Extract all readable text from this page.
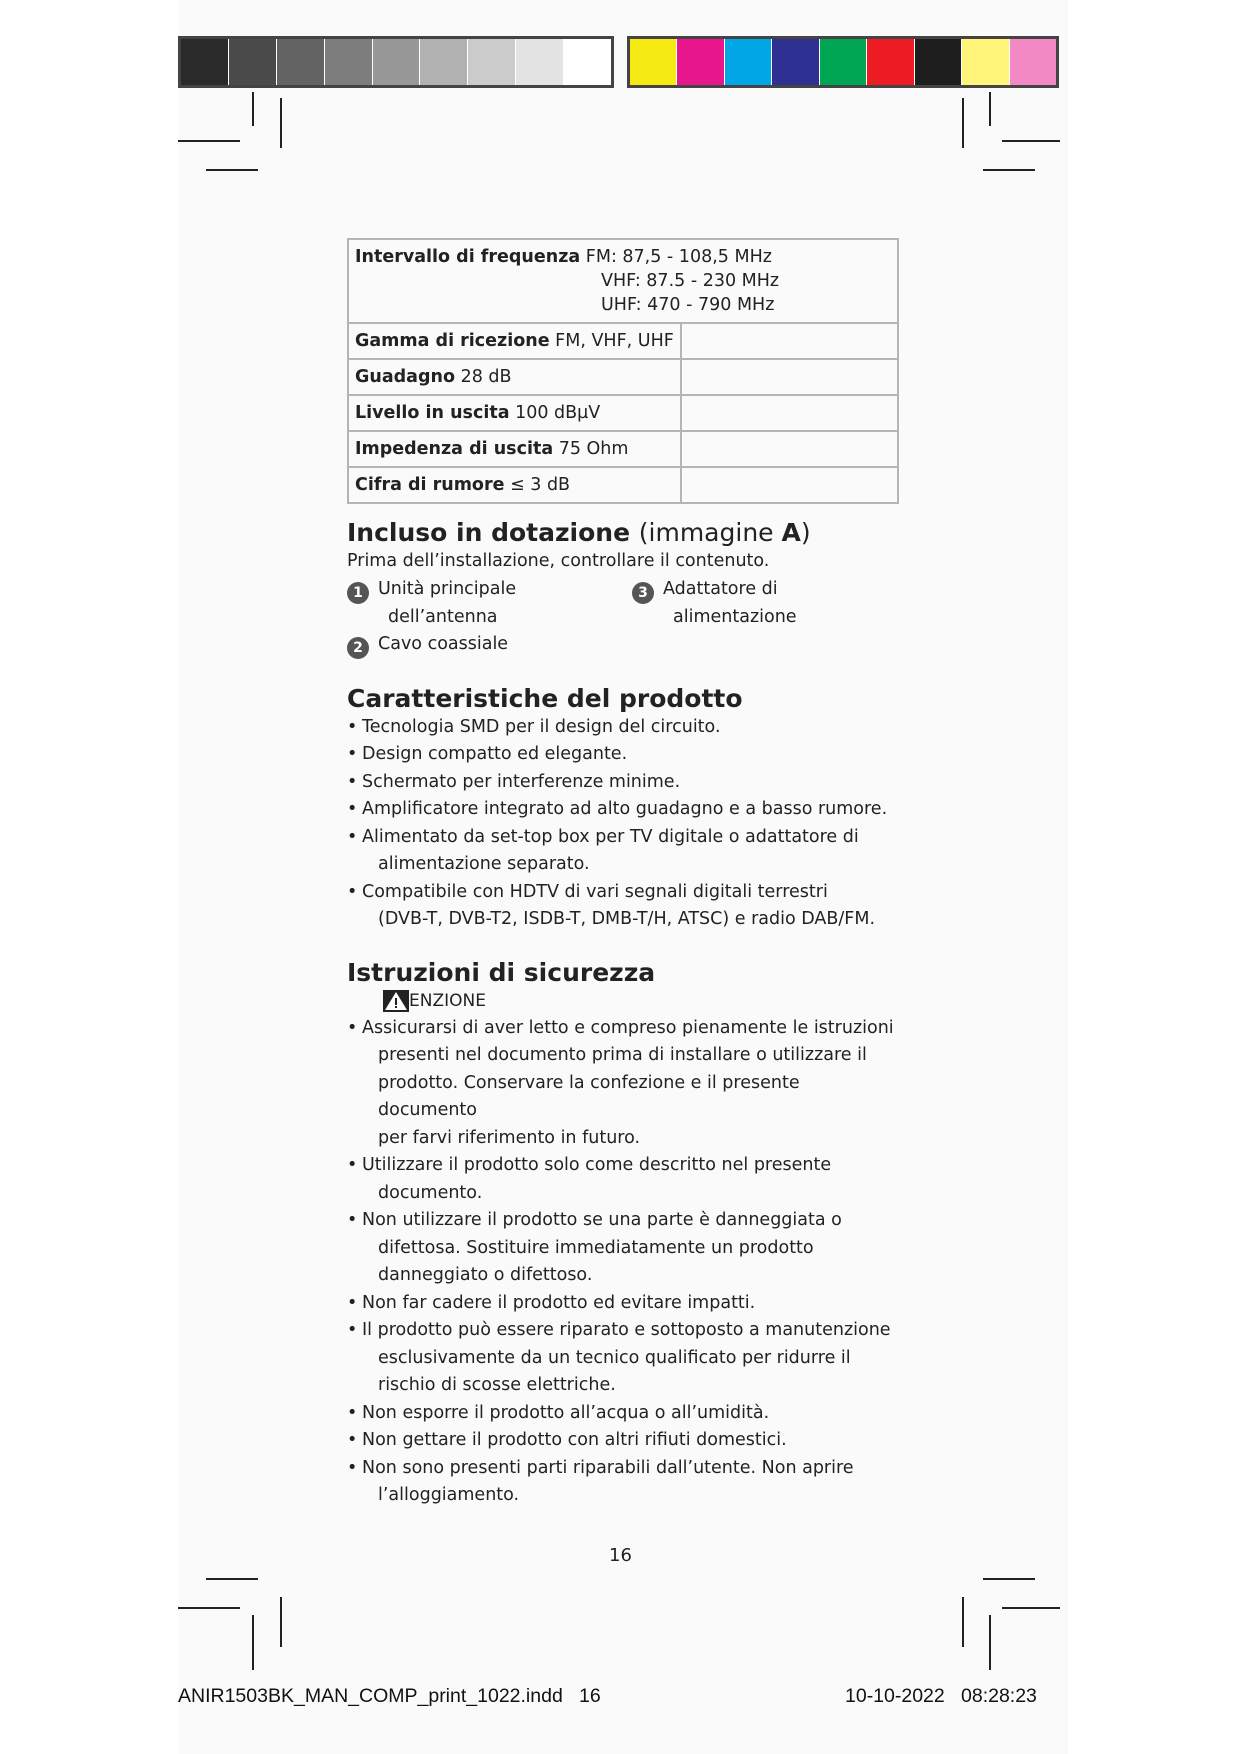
Intervallo di frequenza FM: 87,5 - 108,5 MHz
VHF: 87.5 - 230 MHz
UHF: 470 - 790 MHz	
Gamma di ricezione FM, VHF, UHF	
Guadagno 28 dB	
Livello in uscita 100 dBµV	
Impedenza di uscita 75 Ohm	
Cifra di rumore ≤ 3 dB	
Incluso in dotazione (immagine A)

Prima dell’installazione, controllare il contenuto.

1 Unità principale
dell’antenna
2 Cavo coassiale
3 Adattatore di
alimentazione
Caratteristiche del prodotto
• Tecnologia SMD per il design del circuito.
• Design compatto ed elegante.
• Schermato per interferenze minime.
• Amplificatore integrato ad alto guadagno e a basso rumore.
• Alimentato da set-top box per TV digitale o adattatore di
alimentazione separato.
• Compatibile con HDTV di vari segnali digitali terrestri
(DVB-T, DVB-T2, ISDB-T, DMB-T/H, ATSC) e radio DAB/FM.
Istruzioni di sicurezza
ENZIONE
• Assicurarsi di aver letto e compreso pienamente le istruzioni
presenti nel documento prima di installare o utilizzare il
prodotto. Conservare la confezione e il presente documento
per farvi riferimento in futuro.
• Utilizzare il prodotto solo come descritto nel presente
documento.
• Non utilizzare il prodotto se una parte è danneggiata o
difettosa. Sostituire immediatamente un prodotto
danneggiato o difettoso.
• Non far cadere il prodotto ed evitare impatti.
• Il prodotto può essere riparato e sottoposto a manutenzione
esclusivamente da un tecnico qualificato per ridurre il
rischio di scosse elettriche.
• Non esporre il prodotto all’acqua o all’umidità.
• Non gettare il prodotto con altri rifiuti domestici.
• Non sono presenti parti riparabili dall’utente. Non aprire
l’alloggiamento.
16
ANIR1503BK_MAN_COMP_print_1022.indd   16	10-10-2022   08:28:23
